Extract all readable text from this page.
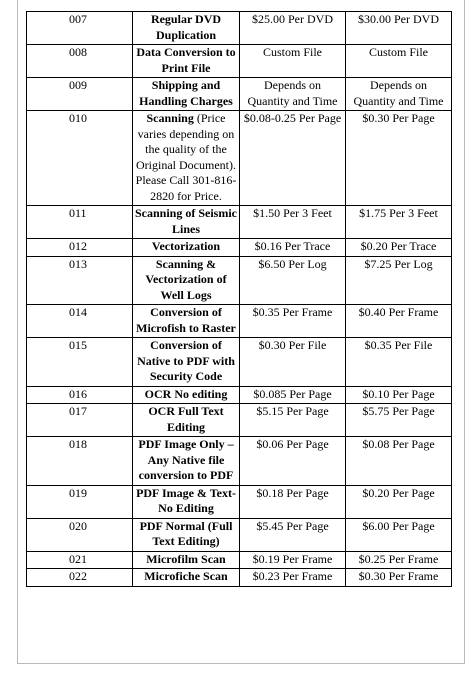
007	Regular DVD Duplication	$25.00 Per DVD	$30.00 Per DVD
008	Data Conversion to Print File	Custom File	Custom File
009	Shipping and Handling Charges	Depends on Quantity and Time	Depends on Quantity and Time
010	Scanning (Price varies depending on the quality of the Original Document). Please Call 301-816-2820 for Price.	$0.08-0.25 Per Page	$0.30 Per Page
011	Scanning of Seismic Lines	$1.50 Per 3 Feet	$1.75 Per 3 Feet
012	Vectorization	$0.16 Per Trace	$0.20 Per Trace
013	Scanning & Vectorization of Well Logs	$6.50 Per Log	$7.25 Per Log
014	Conversion of Microfish to Raster	$0.35 Per Frame	$0.40 Per Frame
015	Conversion of Native to PDF with Security Code	$0.30 Per File	$0.35 Per File
016	OCR No editing	$0.085 Per Page	$0.10 Per Page
017	OCR Full Text Editing	$5.15 Per Page	$5.75 Per Page
018	PDF Image Only – Any Native file conversion to PDF	$0.06 Per Page	$0.08 Per Page
019	PDF Image & Text-No Editing	$0.18 Per Page	$0.20 Per Page
020	PDF Normal (Full Text Editing)	$5.45 Per Page	$6.00 Per Page
021	Microfilm Scan	$0.19 Per Frame	$0.25 Per Frame
022	Microfiche Scan	$0.23 Per Frame	$0.30 Per Frame
